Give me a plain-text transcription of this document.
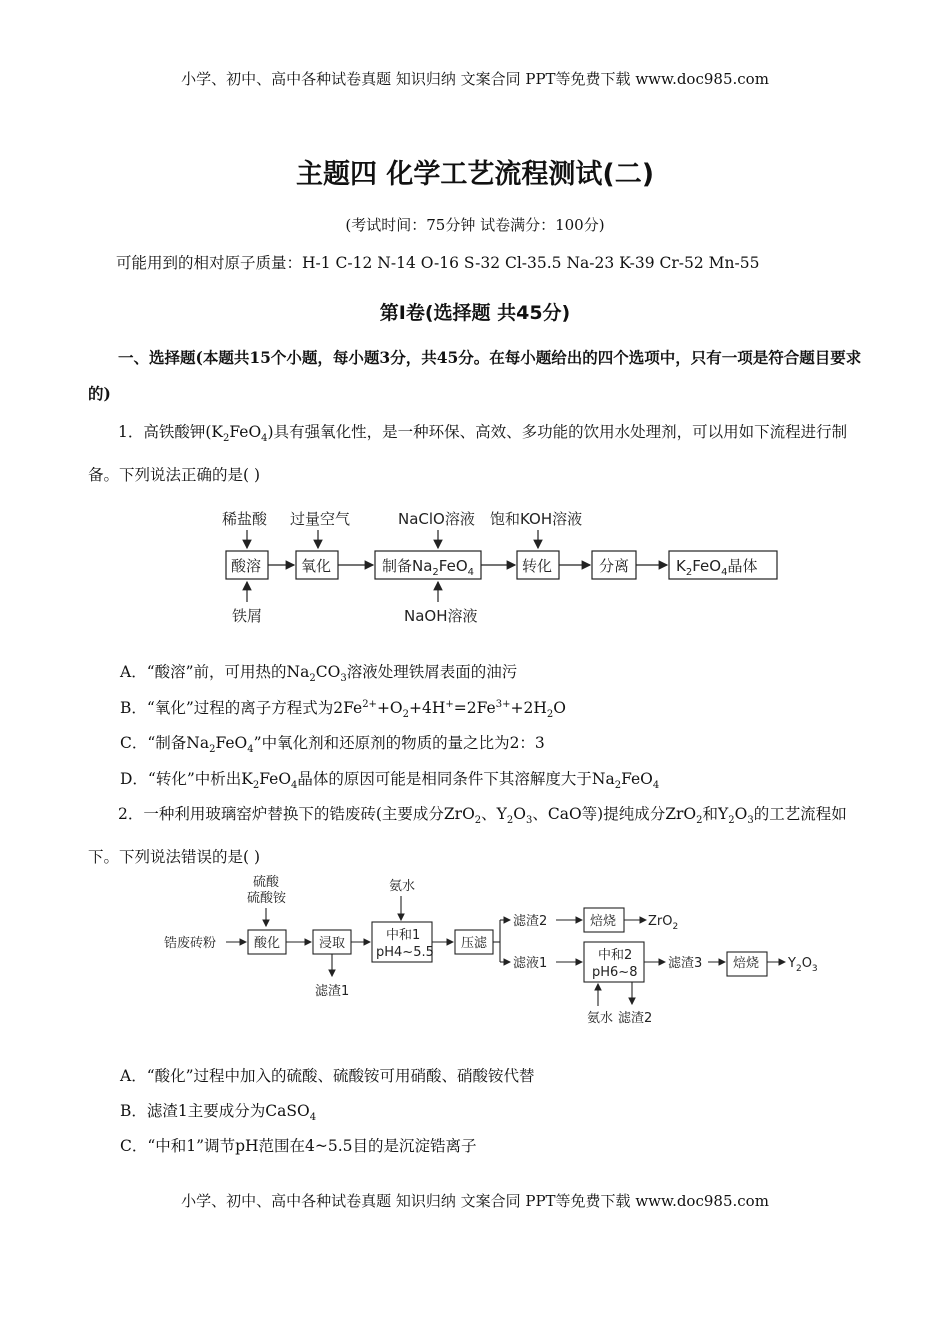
小学、初中、高中各种试卷真题 知识归纳 文案合同 PPT等免费下载 www.doc985.com
主题四 化学工艺流程测试(二)
(考试时间：75分钟 试卷满分：100分)
可能用到的相对原子质量：H-1 C-12 N-14 O-16 S-32 Cl-35.5 Na-23 K-39 Cr-52 Mn-55
第Ⅰ卷(选择题 共45分)
一、选择题(本题共15个小题，每小题3分，共45分。在每小题给出的四个选项中，只有一项是符合题目要求的)
1．高铁酸钾$(K_2FeO_4)$具有强氧化性，是一种环保、高效、多功能的饮用水处理剂，可以用如下流程进行制备。下列说法正确的是( )
稀盐酸 过量空气	NaClO溶液 饱和KOH溶液
铁屑	NaOH溶液
酸溶	氧化	制备$Na_2FeO_4$	转化	分离	$K_2FeO_4$晶体
A．“酸溶”前，可用热的$Na_2CO_3$溶液处理铁屑表面的油污
B．“氧化”过程的离子方程式为$2Fe^{2+}+O_2+4H^+=2Fe^{3+}+2H_2O$
C．“制备$Na_2FeO_4$”中氧化剂和还原剂的物质的量之比为2：3
D．“转化”中析出$K_2FeO_4$晶体的原因可能是相同条件下其溶解度大于$Na_2FeO_4$
2．一种利用玻璃窑炉替换下的锆废砖(主要成分ZrO$_2$、$Y_2O_3$、CaO等)提纯成分ZrO$_2$和$Y_2O_3$的工艺流程如下。下列说法错误的是( )
硫酸
硫酸铵
氨水
锆废砖粉
滤渣1
氨水 滤渣2
酸化	浸取
中和1
pH4~5.5
压滤
滤渣2
滤液1
焙烧 ZrO$_2$
中和2
pH6~8
滤渣3 焙烧 $Y_2O_3$
A．“酸化”过程中加入的硫酸、硫酸铵可用硝酸、硝酸铵代替
B．滤渣1主要成分为CaSO$_4$
C．“中和1”调节pH范围在4~5.5目的是沉淀锆离子
小学、初中、高中各种试卷真题 知识归纳 文案合同 PPT等免费下载 www.doc985.com
